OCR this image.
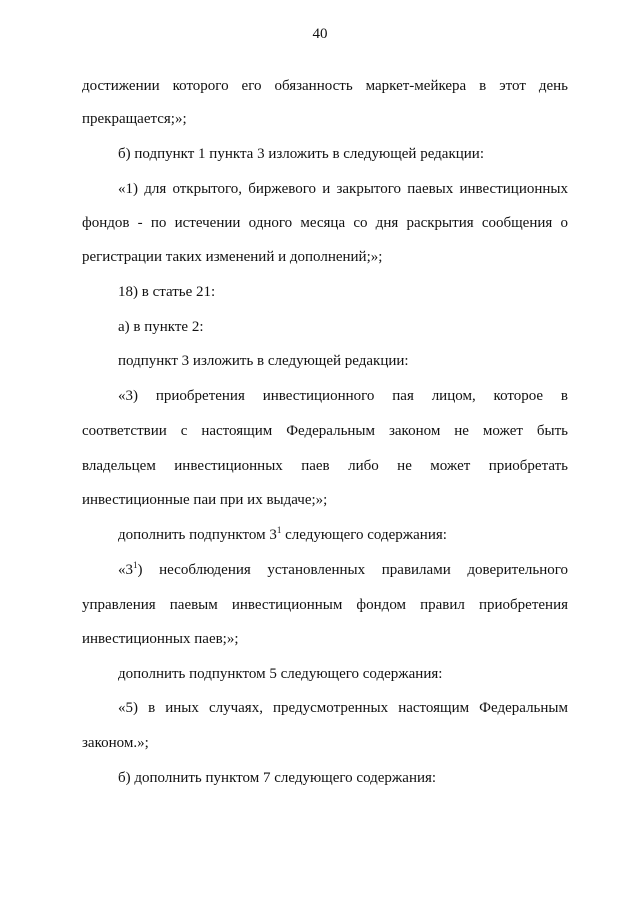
40
достижении которого его обязанность маркет-мейкера в этот день
прекращается;»;
б) подпункт 1 пункта 3 изложить в следующей редакции:
«1) для открытого, биржевого и закрытого паевых инвестиционных
фондов - по истечении одного месяца со дня раскрытия сообщения о
регистрации таких изменений и дополнений;»;
18) в статье 21:
а) в пункте 2:
подпункт 3 изложить в следующей редакции:
«3) приобретения инвестиционного пая лицом, которое в
соответствии с настоящим Федеральным законом не может быть
владельцем инвестиционных паев либо не может приобретать
инвестиционные паи при их выдаче;»;
дополнить подпунктом $3^1$ следующего содержания:
«$3^1$) несоблюдения установленных правилами доверительного
управления паевым инвестиционным фондом правил приобретения
инвестиционных паев;»;
дополнить подпунктом 5 следующего содержания:
«5) в иных случаях, предусмотренных настоящим Федеральным
законом.»;
б) дополнить пунктом 7 следующего содержания:
